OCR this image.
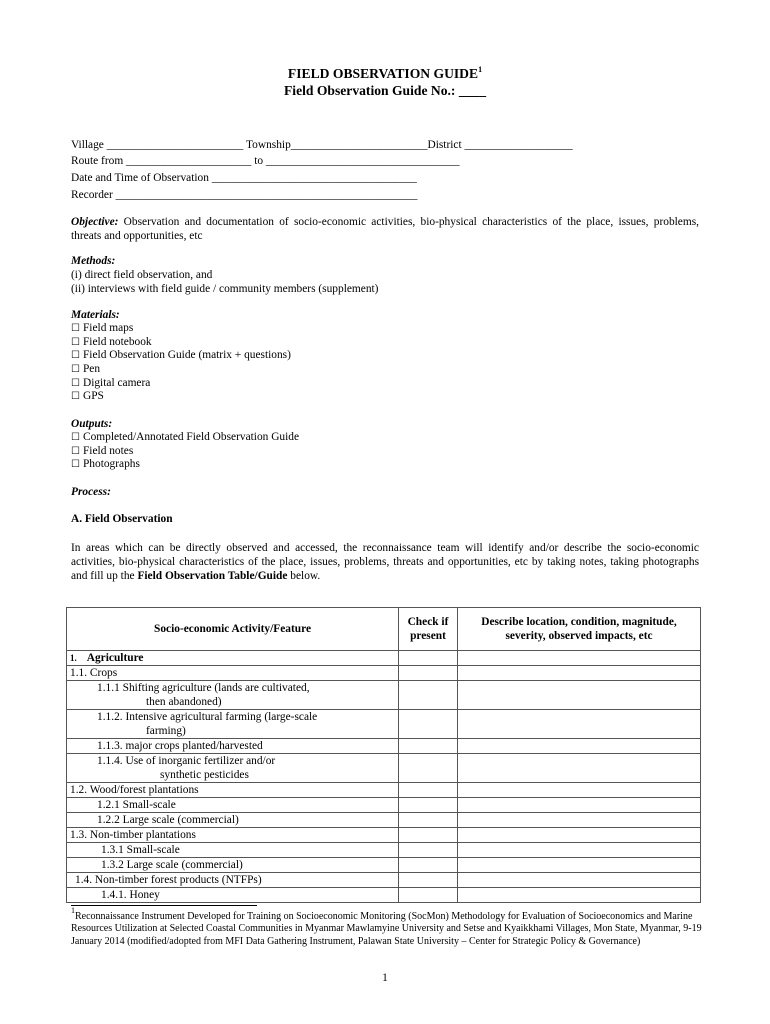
FIELD OBSERVATION GUIDE$^1$
Field Observation Guide No.: ____
Village ________________________ Township________________________District ___________________
Route from ______________________ to __________________________________
Date and Time of Observation ____________________________________
Recorder _____________________________________________________
Objective: Observation and documentation of socio-economic activities, bio-physical characteristics of the place, issues, problems, threats and opportunities, etc
Methods:
(i) direct field observation, and
(ii) interviews with field guide / community members (supplement)
Materials:
☐ Field maps
☐ Field notebook
☐ Field Observation Guide (matrix + questions)
☐ Pen
☐ Digital camera
☐ GPS
Outputs:
☐ Completed/Annotated Field Observation Guide
☐ Field notes
☐ Photographs
Process:
A. Field Observation
In areas which can be directly observed and accessed, the reconnaissance team will identify and/or describe the socio-economic activities, bio-physical characteristics of the place, issues, problems, threats and opportunities, etc by taking notes, taking photographs and fill up the Field Observation Table/Guide below.
Socio-economic Activity/Feature	Check if present	Describe location, condition, magnitude, severity, observed impacts, etc
1. Agriculture		
1.1. Crops		
1.1.1 Shifting agriculture (lands are cultivated,
then abandoned)		

1.1.2. Intensive agricultural farming (large-scale
farming)		

1.1.3. major crops planted/harvested		
1.1.4. Use of inorganic fertilizer and/or
synthetic pesticides		

1.2. Wood/forest plantations		
1.2.1 Small-scale		
1.2.2 Large scale (commercial)		
1.3. Non-timber plantations		
1.3.1 Small-scale		
1.3.2 Large scale (commercial)		
1.4. Non-timber forest products (NTFPs)		
1.4.1. Honey		
$^1$Reconnaissance Instrument Developed for Training on Socioeconomic Monitoring (SocMon) Methodology for Evaluation of Socioeconomics and Marine Resources Utilization at Selected Coastal Communities in Myanmar Mawlamyine University and Setse and Kyaikkhami Villages, Mon State, Myanmar, 9-19 January 2014 (modified/adopted from MFI Data Gathering Instrument, Palawan State University – Center for Strategic Policy & Governance)
1
